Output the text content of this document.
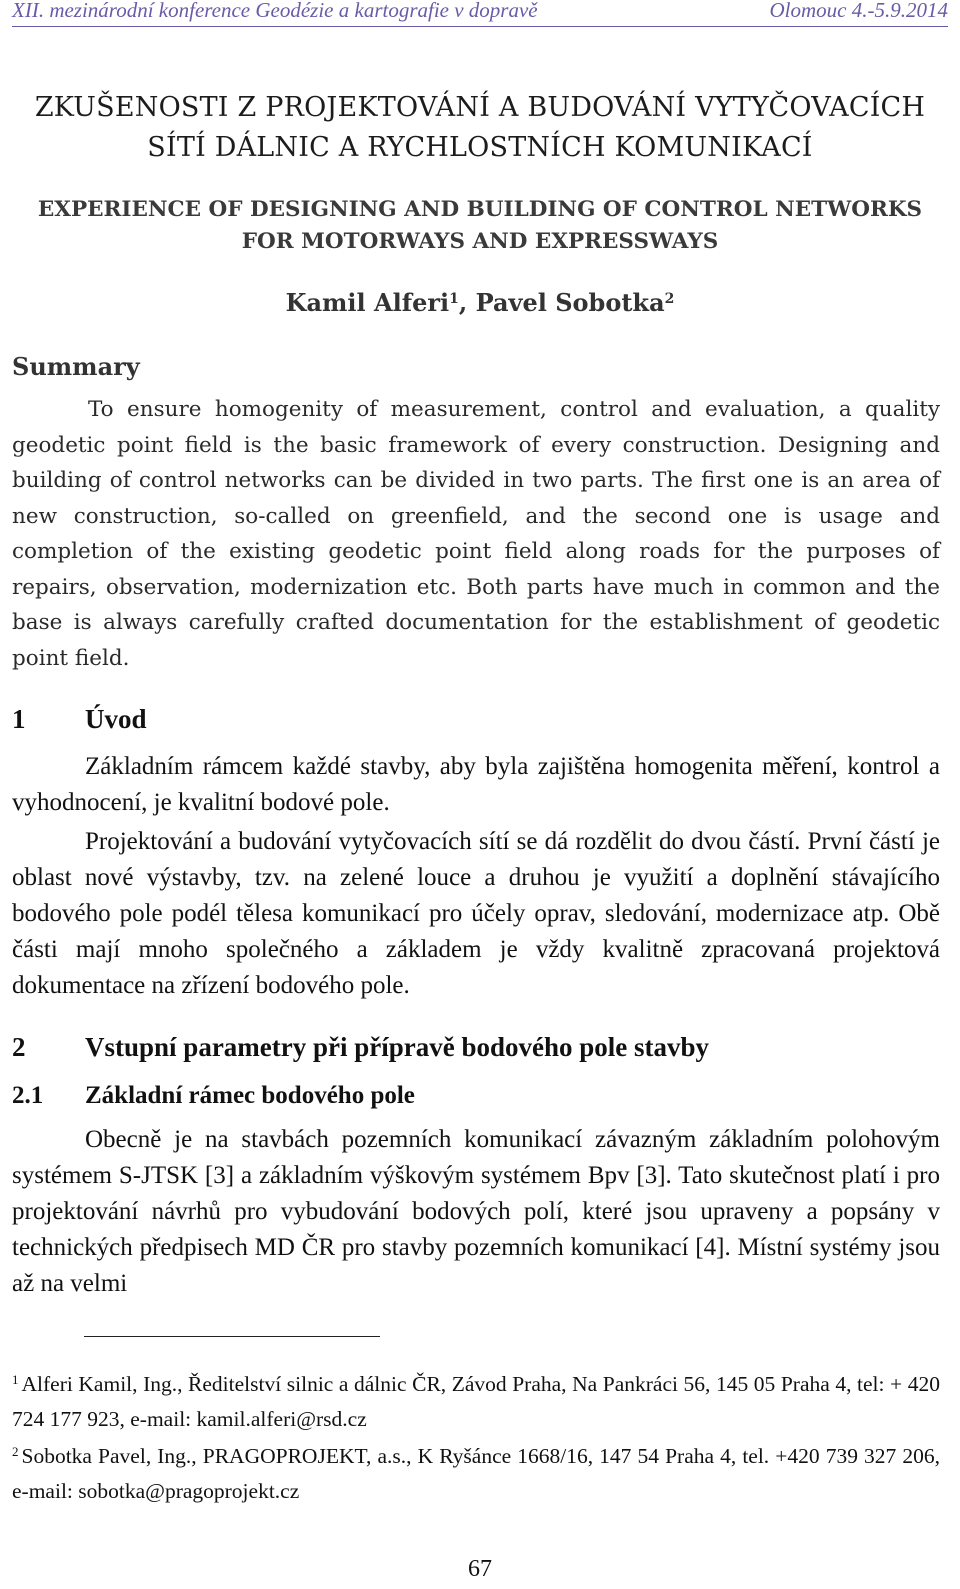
XII. mezinárodní konference Geodézie a kartografie v dopravě	Olomouc 4.-5.9.2014
ZKUŠENOSTI Z PROJEKTOVÁNÍ A BUDOVÁNÍ VYTYČOVACÍCH
SÍTÍ DÁLNIC A RYCHLOSTNÍCH KOMUNIKACÍ
EXPERIENCE OF DESIGNING AND BUILDING OF CONTROL NETWORKS
FOR MOTORWAYS AND EXPRESSWAYS
Kamil Alferi$^1$, Pavel Sobotka$^2$
Summary
To ensure homogenity of measurement, control and evaluation, a quality geodetic point field is the basic framework of every construction. Designing and building of control networks can be divided in two parts. The first one is an area of new construction, so-called on greenfield, and the second one is usage and completion of the existing geodetic point field along roads for the purposes of repairs, observation, modernization etc. Both parts have much in common and the base is always carefully crafted documentation for the establishment of geodetic point field.
1 Úvod
Základním rámcem každé stavby, aby byla zajištěna homogenita měření, kontrol a vyhodnocení, je kvalitní bodové pole.
Projektování a budování vytyčovacích sítí se dá rozdělit do dvou částí. První částí je oblast nové výstavby, tzv. na zelené louce a druhou je využití a doplnění stávajícího bodového pole podél tělesa komunikací pro účely oprav, sledování, modernizace atp. Obě části mají mnoho společného a základem je vždy kvalitně zpracovaná projektová dokumentace na zřízení bodového pole.
2 Vstupní parametry při přípravě bodového pole stavby
2.1 Základní rámec bodového pole
Obecně je na stavbách pozemních komunikací závazným základním polohovým systémem S-JTSK [3] a základním výškovým systémem Bpv [3]. Tato skutečnost platí i pro projektování návrhů pro vybudování bodových polí, které jsou upraveny a popsány v technických předpisech MD ČR pro stavby pozemních komunikací [4]. Místní systémy jsou až na velmi
$^1$ Alferi Kamil, Ing., Ředitelství silnic a dálnic ČR, Závod Praha, Na Pankráci 56, 145 05 Praha 4, tel: + 420 724 177 923, e-mail: kamil.alferi@rsd.cz
$^2$ Sobotka Pavel, Ing., PRAGOPROJEKT, a.s., K Ryšánce 1668/16, 147 54 Praha 4, tel. +420 739 327 206, e-mail: sobotka@pragoprojekt.cz
67
